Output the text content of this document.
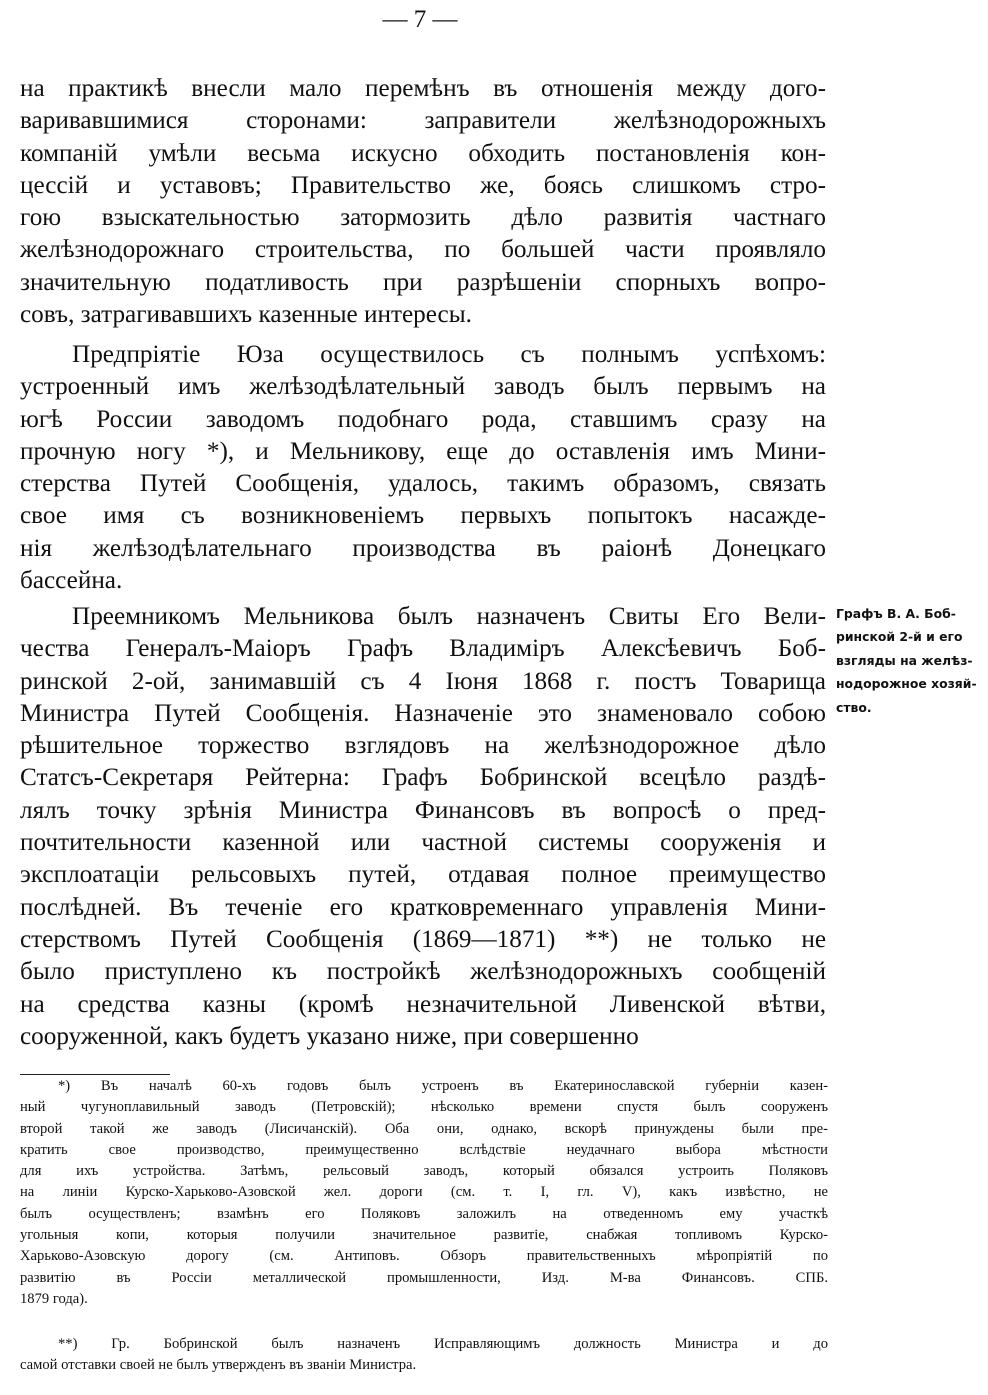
— 7 —
на практикѣ внесли мало перемѣнъ въ отношенія между дого-
варивавшимися сторонами: заправители желѣзнодорожныхъ
компаній умѣли весьма искусно обходить постановленія кон-
цессій и уставовъ; Правительство же, боясь слишкомъ стро-
гою взыскательностью затормозить дѣло развитія частнаго
желѣзнодорожнаго строительства, по большей части проявляло
значительную податливость при разрѣшеніи спорныхъ вопро-
совъ, затрагивавшихъ казенные интересы.
Предпріятіе Юза осуществилось съ полнымъ успѣхомъ:
устроенный имъ желѣзодѣлательный заводъ былъ первымъ на
югѣ России заводомъ подобнаго рода, ставшимъ сразу на
прочную ногу *), и Мельникову, еще до оставленія имъ Мини-
стерства Путей Сообщенія, удалось, такимъ образомъ, связать
свое имя съ возникновеніемъ первыхъ попытокъ насажде-
нія желѣзодѣлательнаго производства въ раіонѣ Донецкаго
бассейна.
Преемникомъ Мельникова былъ назначенъ Свиты Его Вели-
чества Генералъ-Маіоръ Графъ Владиміръ Алексѣевичъ Боб-
ринской 2-ой, занимавшій съ 4 Іюня 1868 г. постъ Товарища
Министра Путей Сообщенія. Назначеніе это знаменовало собою
рѣшительное торжество взглядовъ на желѣзнодорожное дѣло
Статсъ-Секретаря Рейтерна: Графъ Бобринской всецѣло раздѣ-
лялъ точку зрѣнія Министра Финансовъ въ вопросѣ о пред-
почтительности казенной или частной системы сооруженія и
эксплоатаціи рельсовыхъ путей, отдавая полное преимущество
послѣдней. Въ теченіе его кратковременнаго управленія Мини-
стерствомъ Путей Сообщенія (1869—1871) **) не только не
было приступлено къ постройкѣ желѣзнодорожныхъ сообщеній
на средства казны (кромѣ незначительной Ливенской вѣтви,
сооруженной, какъ будетъ указано ниже, при совершенно
Графъ В. А. Боб-
ринской 2-й и его
взгляды на желѣз-
нодорожное хозяй-
ство.
*) Въ началѣ 60-хъ годовъ былъ устроенъ въ Екатеринославской губерніи казен-
ный чугуноплавильный заводъ (Петровскій); нѣсколько времени спустя былъ сооруженъ
второй такой же заводъ (Лисичанскій). Оба они, однако, вскорѣ принуждены были пре-
кратить свое производство, преимущественно вслѣдствіе неудачнаго выбора мѣстности
для ихъ устройства. Затѣмъ, рельсовый заводъ, который обязался устроить Поляковъ
на линіи Курско-Харьково-Азовской жел. дороги (см. т. I, гл. V), какъ извѣстно, не
былъ осуществленъ; взамѣнъ его Поляковъ заложилъ на отведенномъ ему участкѣ
угольныя копи, которыя получили значительное развитіе, снабжая топливомъ Курско-
Харьково-Азовскую дорогу (см. Антиповъ. Обзоръ правительственныхъ мѣропріятій по
развитію въ Россіи металлической промышленности, Изд. М-ва Финансовъ. СПБ.
1879 года).
**) Гр. Бобринской былъ назначенъ Исправляющимъ должность Министра и до
самой отставки своей не былъ утвержденъ въ званіи Министра.
